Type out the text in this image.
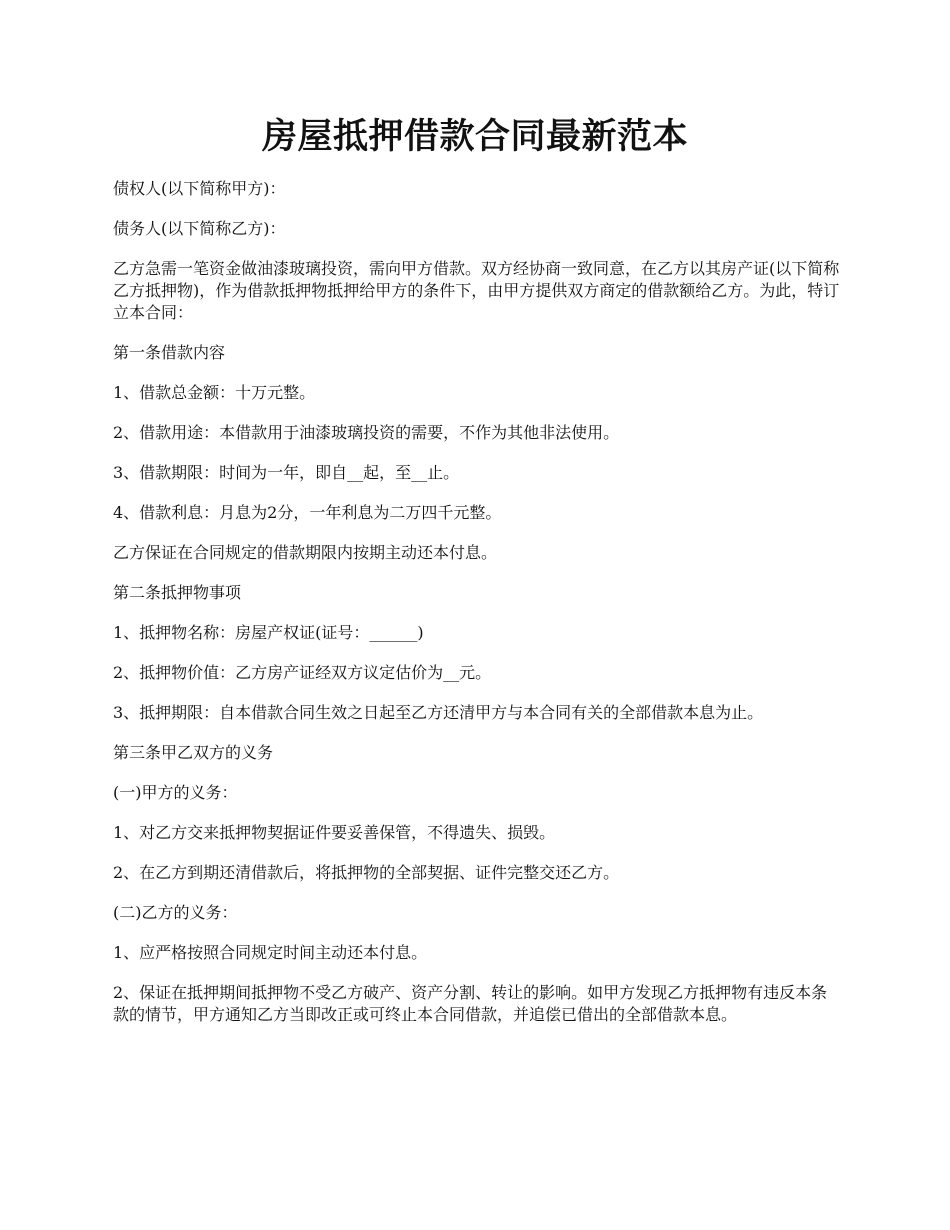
房屋抵押借款合同最新范本

债权人(以下简称甲方)：

债务人(以下简称乙方)：

乙方急需一笔资金做油漆玻璃投资，需向甲方借款。双方经协商一致同意，在乙方以其房产证(以下简称乙方抵押物)，作为借款抵押物抵押给甲方的条件下，由甲方提供双方商定的借款额给乙方。为此，特订立本合同：

第一条借款内容

1、借款总金额：十万元整。

2、借款用途：本借款用于油漆玻璃投资的需要，不作为其他非法使用。

3、借款期限：时间为一年，即自__起，至__止。

4、借款利息：月息为2分，一年利息为二万四千元整。

乙方保证在合同规定的借款期限内按期主动还本付息。

第二条抵押物事项

1、抵押物名称：房屋产权证(证号：______)

2、抵押物价值：乙方房产证经双方议定估价为__元。

3、抵押期限：自本借款合同生效之日起至乙方还清甲方与本合同有关的全部借款本息为止。

第三条甲乙双方的义务

(一)甲方的义务：

1、对乙方交来抵押物契据证件要妥善保管，不得遗失、损毁。

2、在乙方到期还清借款后，将抵押物的全部契据、证件完整交还乙方。

(二)乙方的义务：

1、应严格按照合同规定时间主动还本付息。

2、保证在抵押期间抵押物不受乙方破产、资产分割、转让的影响。如甲方发现乙方抵押物有违反本条款的情节，甲方通知乙方当即改正或可终止本合同借款，并追偿已借出的全部借款本息。
